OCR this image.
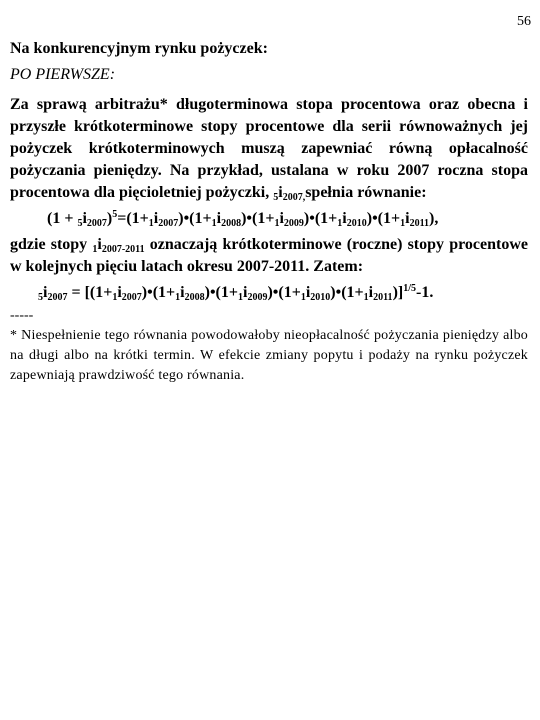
56

Na konkurencyjnym rynku pożyczek:

PO PIERWSZE:

Za sprawą arbitrażu* długoterminowa stopa procentowa oraz obecna i przyszłe krótkoterminowe stopy procentowe dla serii równoważnych jej pożyczek krótkoterminowych muszą zapewniać równą opłacalność pożyczania pieniędzy. Na przykład, ustalana w roku 2007 roczna stopa procentowa dla pięcioletniej pożyczki, $_5i_{2007,}spełnia$ równanie:

$(1 + _5i_{2007})^5=(1+_1i_{2007})•(1+_1i_{2008})•(1+_1i_{2009})•(1+_1i_{2010})•(1+_1i_{2011})$,

gdzie stopy $_1i_{2007-2011}$ oznaczają krótkoterminowe (roczne) stopy procentowe w kolejnych pięciu latach okresu 2007-2011. Zatem:

$_5i_{2007}$ = $[(1+_1i_{2007})•(1+_1i_{2008})•(1+_1i_{2009})•(1+_1i_{2010})•(1+_1i_{2011})]^{1/5}-1$.

-----

* Niespełnienie tego równania powodowałoby nieopłacalność pożyczania pieniędzy albo na długi albo na krótki termin. W efekcie zmiany popytu i podaży na rynku pożyczek zapewniają prawdziwość tego równania.
